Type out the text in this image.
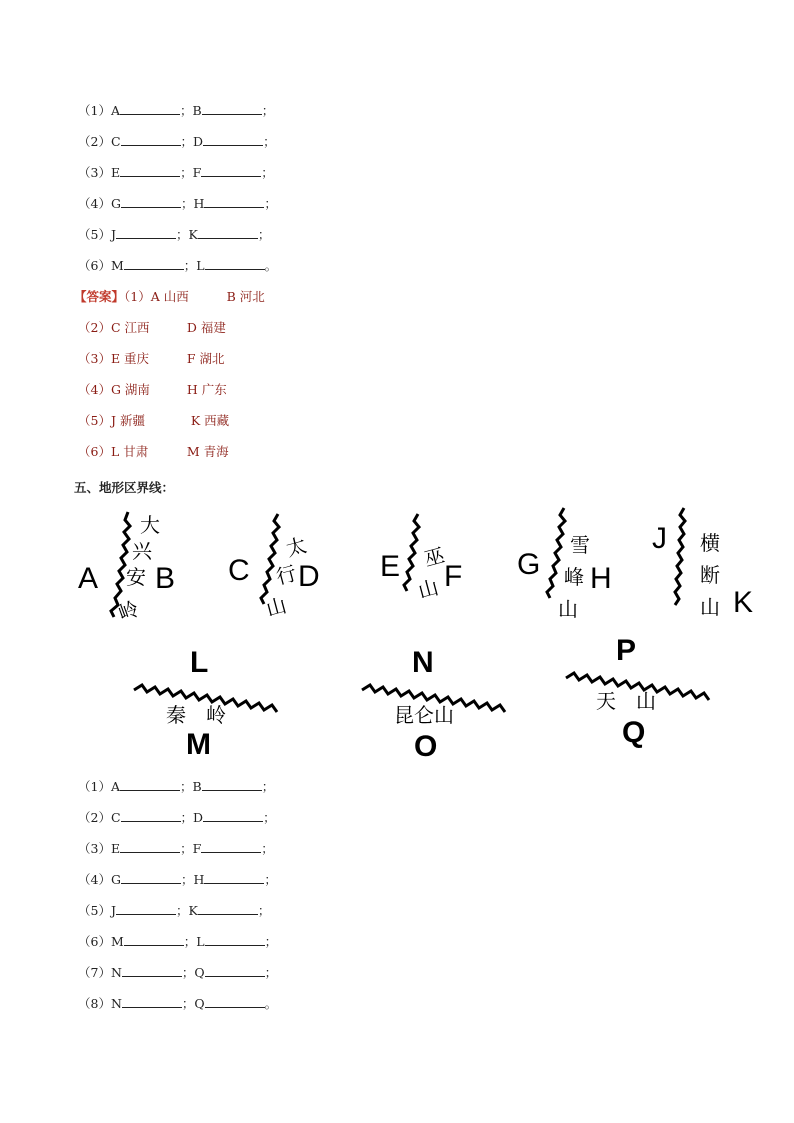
（1）A	；B	；
（2）C	；D	；
（3）E	；F	；
（4）G	；H	；
（5）J	；K	；
（6）M	；L	。
【答案】（1）A 山西	B 河北
（2）C 江西	D 福建
（3）E 重庆	F 湖北
（4）G 湖南	H 广东
（5）J 新疆	K 西藏
（6）L 甘肃	M 青海
五、地形区界线：
A B
大
兴
安
岭
C D
太
行
山
E F
巫
山
G H
雪
峰
山
J
K
横
断
山
L
M
秦　岭
N
O
昆仑山
P
Q
天　山
（1）A	；B	；
（2）C	；D	；
（3）E	；F	；
（4）G	；H	；
（5）J	；K	；
（6）M	；L	；
（7）N	；Q	；
（8）N	；Q	。
